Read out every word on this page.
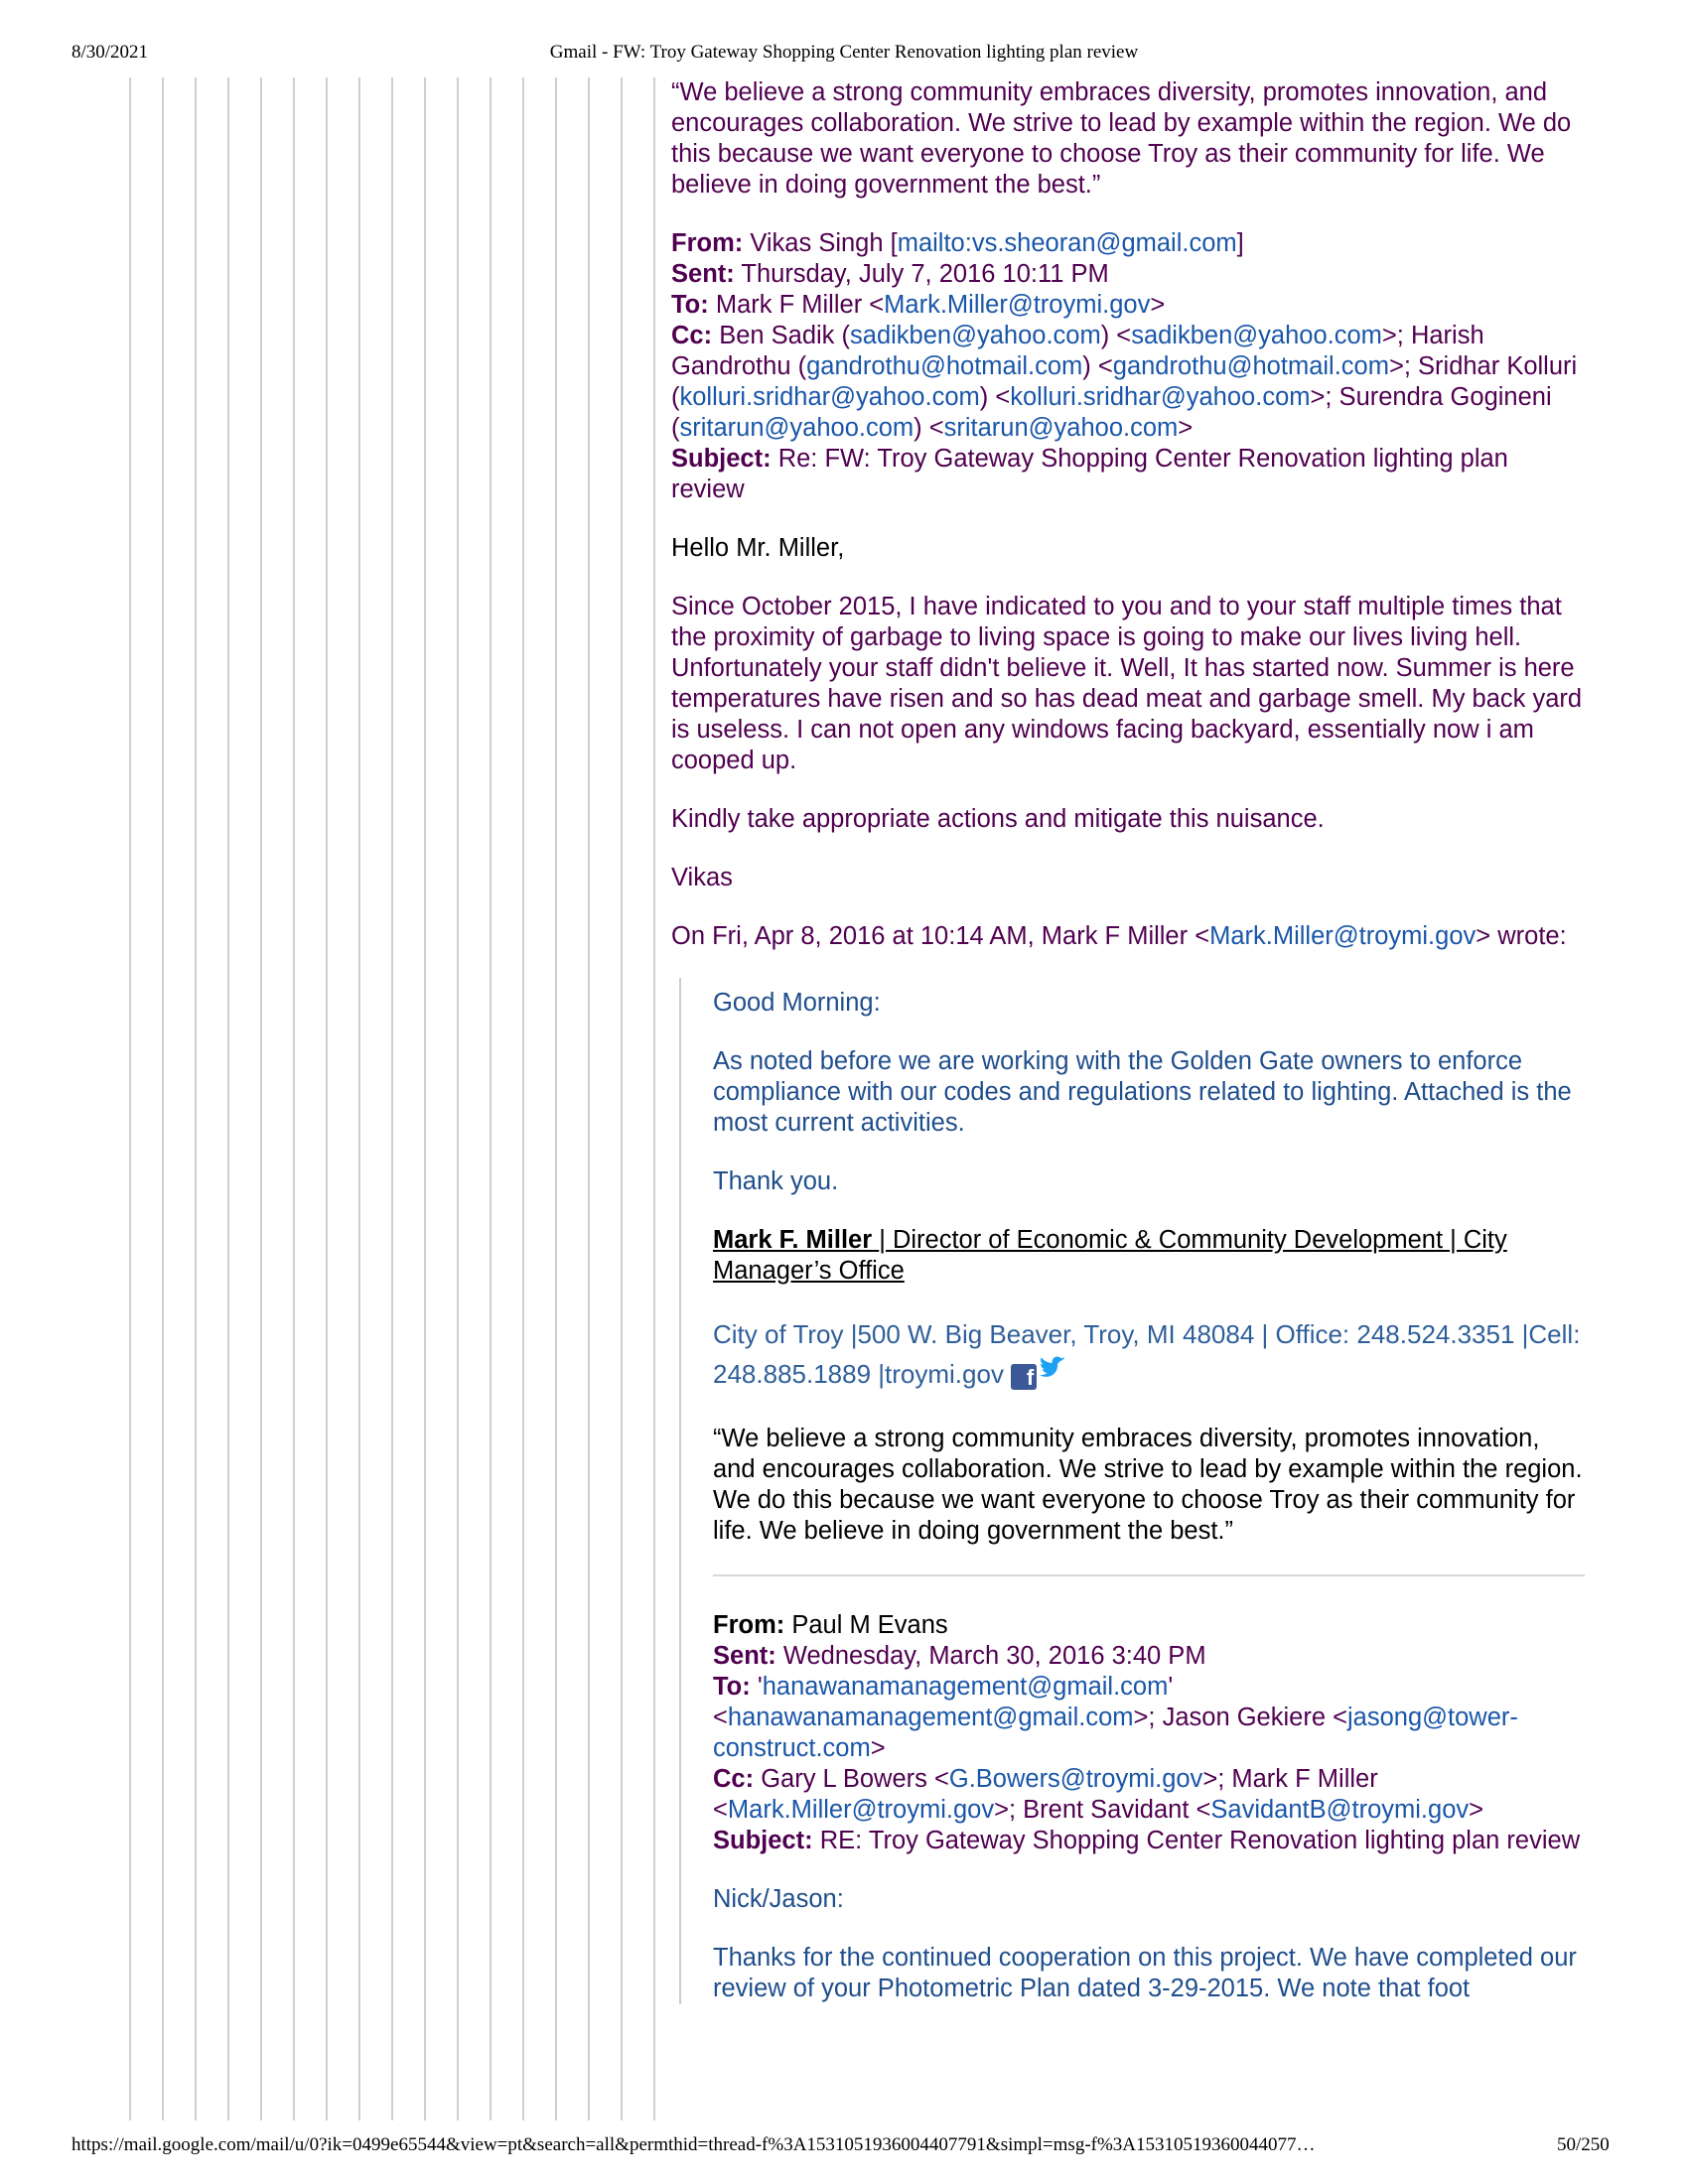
8/30/2021	Gmail - FW: Troy Gateway Shopping Center Renovation lighting plan review

“We believe a strong community embraces diversity, promotes innovation, and encourages collaboration. We strive to lead by example within the region. We do this because we want everyone to choose Troy as their community for life. We believe in doing government the best.”

From: Vikas Singh [mailto:vs.sheoran@gmail.com]
Sent: Thursday, July 7, 2016 10:11 PM
To: Mark F Miller <Mark.Miller@troymi.gov>
Cc: Ben Sadik (sadikben@yahoo.com) <sadikben@yahoo.com>; Harish Gandrothu (gandrothu@hotmail.com) <gandrothu@hotmail.com>; Sridhar Kolluri (kolluri.sridhar@yahoo.com) <kolluri.sridhar@yahoo.com>; Surendra Gogineni (sritarun@yahoo.com) <sritarun@yahoo.com>
Subject: Re: FW: Troy Gateway Shopping Center Renovation lighting plan review

Hello Mr. Miller,

Since October 2015, I have indicated to you and to your staff multiple times that the proximity of garbage to living space is going to make our lives living hell. Unfortunately your staff didn't believe it. Well, It has started now. Summer is here temperatures have risen and so has dead meat and garbage smell. My back yard is useless. I can not open any windows facing backyard, essentially now i am cooped up.

Kindly take appropriate actions and mitigate this nuisance.

Vikas

On Fri, Apr 8, 2016 at 10:14 AM, Mark F Miller <Mark.Miller@troymi.gov> wrote:

Good Morning:

As noted before we are working with the Golden Gate owners to enforce compliance with our codes and regulations related to lighting. Attached is the most current activities.

Thank you.

Mark F. Miller | Director of Economic & Community Development | City Manager’s Office

City of Troy |500 W. Big Beaver, Troy, MI 48084 | Office: 248.524.3351 |Cell: 248.885.1889 |troymi.gov f

“We believe a strong community embraces diversity, promotes innovation, and encourages collaboration. We strive to lead by example within the region. We do this because we want everyone to choose Troy as their community for life. We believe in doing government the best.”

From: Paul M Evans
Sent: Wednesday, March 30, 2016 3:40 PM
To: 'hanawanamanagement@gmail.com' <hanawanamanagement@gmail.com>; Jason Gekiere <jasong@tower-construct.com>
Cc: Gary L Bowers <G.Bowers@troymi.gov>; Mark F Miller <Mark.Miller@troymi.gov>; Brent Savidant <SavidantB@troymi.gov>
Subject: RE: Troy Gateway Shopping Center Renovation lighting plan review

Nick/Jason:

Thanks for the continued cooperation on this project. We have completed our review of your Photometric Plan dated 3-29-2015. We note that foot

https://mail.google.com/mail/u/0?ik=0499e65544&view=pt&search=all&permthid=thread-f%3A1531051936004407791&simpl=msg-f%3A15310519360044077…	50/250
